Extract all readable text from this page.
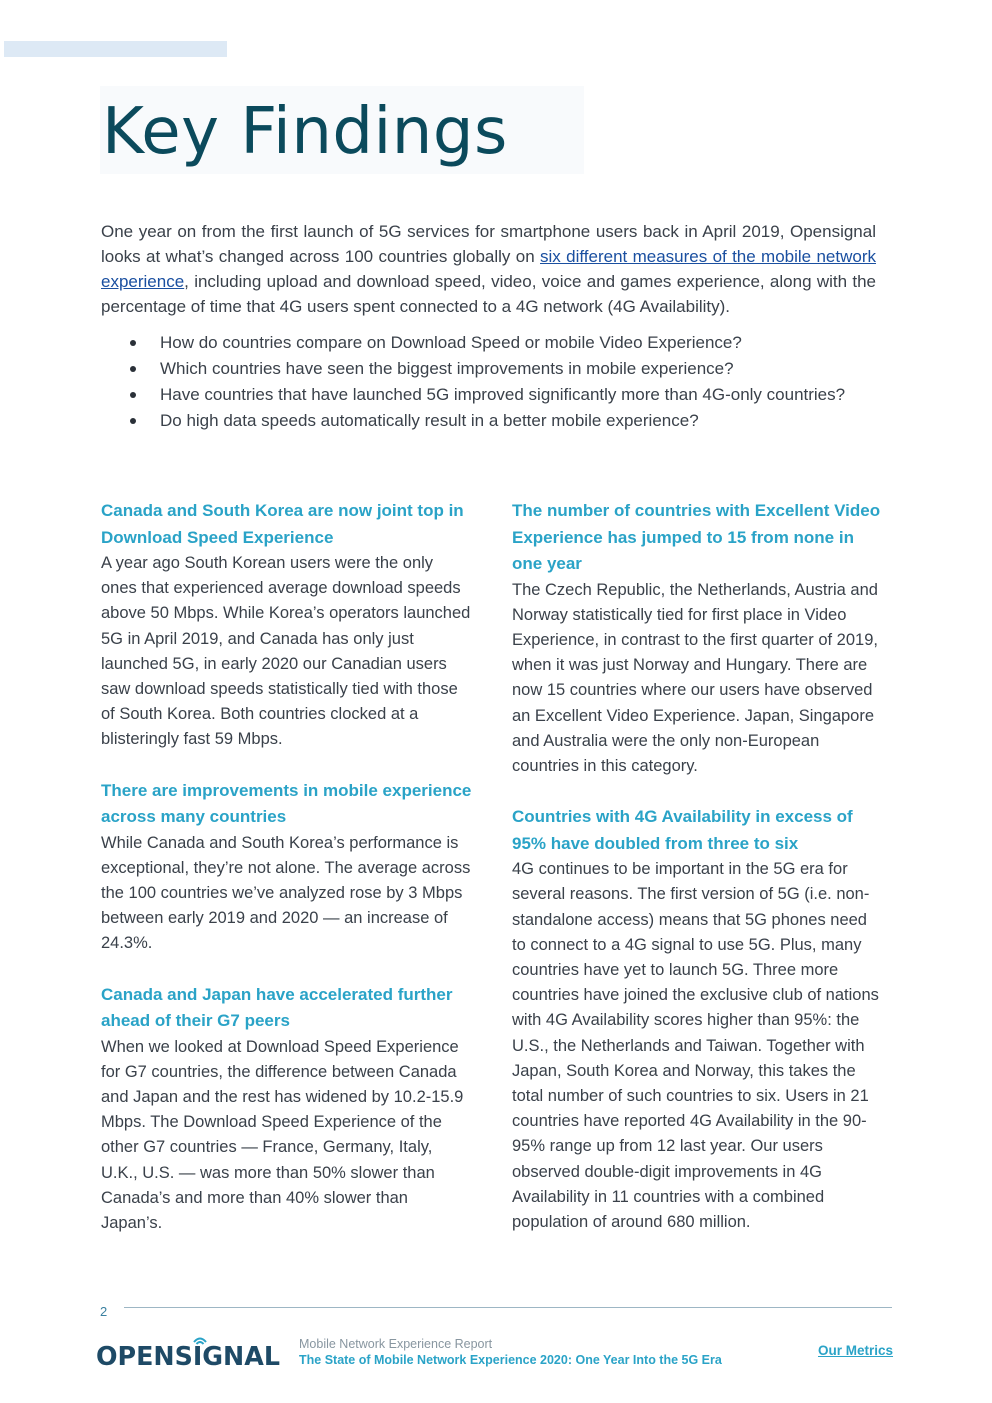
Key Findings

One year on from the first launch of 5G services for smartphone users back in April 2019, Opensignal looks at what’s changed across 100 countries globally on six different measures of the mobile network experience, including upload and download speed, video, voice and games experience, along with the percentage of time that 4G users spent connected to a 4G network (4G Availability).

How do countries compare on Download Speed or mobile Video Experience?
Which countries have seen the biggest improvements in mobile experience?
Have countries that have launched 5G improved significantly more than 4G-only countries?
Do high data speeds automatically result in a better mobile experience?
Canada and South Korea are now joint top in Download Speed Experience

A year ago South Korean users were the only ones that experienced average download speeds above 50 Mbps. While Korea’s operators launched 5G in April 2019, and Canada has only just launched 5G, in early 2020 our Canadian users saw download speeds statistically tied with those of South Korea. Both countries clocked at a blisteringly fast 59 Mbps.

There are improvements in mobile experience across many countries

While Canada and South Korea’s performance is exceptional, they’re not alone. The average across the 100 countries we’ve analyzed rose by 3 Mbps between early 2019 and 2020 — an increase of 24.3%.

Canada and Japan have accelerated further ahead of their G7 peers

When we looked at Download Speed Experience for G7 countries, the difference between Canada and Japan and the rest has widened by 10.2-15.9 Mbps. The Download Speed Experience of the other G7 countries — France, Germany, Italy, U.K., U.S. — was more than 50% slower than Canada’s and more than 40% slower than Japan’s.

The number of countries with Excellent Video Experience has jumped to 15 from none in one year

The Czech Republic, the Netherlands, Austria and Norway statistically tied for first place in Video Experience, in contrast to the first quarter of 2019, when it was just Norway and Hungary. There are now 15 countries where our users have observed an Excellent Video Experience. Japan, Singapore and Australia were the only non-European countries in this category.

Countries with 4G Availability in excess of 95% have doubled from three to six

4G continues to be important in the 5G era for several reasons. The first version of 5G (i.e. non-standalone access) means that 5G phones need to connect to a 4G signal to use 5G. Plus, many countries have yet to launch 5G. Three more countries have joined the exclusive club of nations with 4G Availability scores higher than 95%: the U.S., the Netherlands and Taiwan. Together with Japan, South Korea and Norway, this takes the total number of such countries to six. Users in 21 countries have reported 4G Availability in the 90-95% range up from 12 last year. Our users observed double-digit improvements in 4G Availability in 11 countries with a combined population of around 680 million.

2
OPENSIGNAL Mobile Network Experience Report
The State of Mobile Network Experience 2020: One Year Into the 5G Era
Our Metrics
